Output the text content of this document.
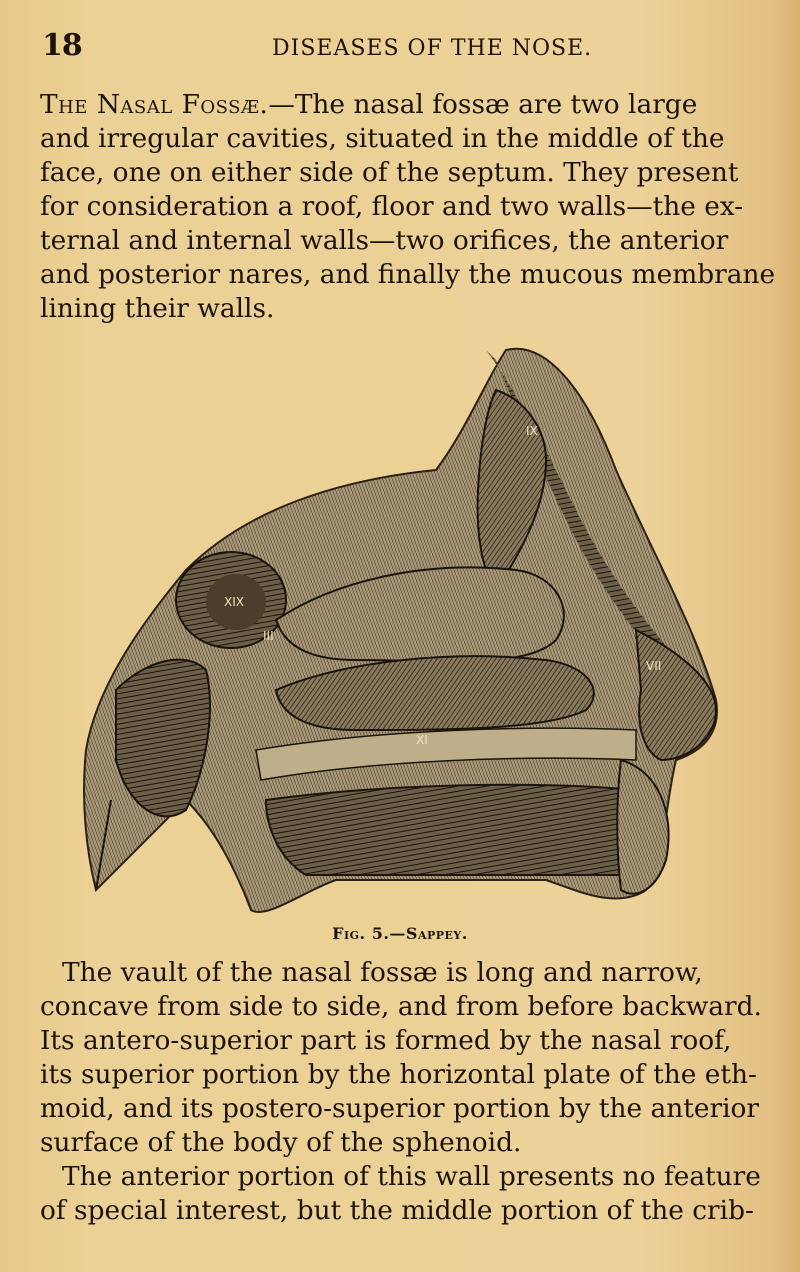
18	DISEASES OF THE NOSE.

The Nasal Fossæ.—The nasal fossæ are two large
and irregular cavities, situated in the middle of the
face, one on either side of the septum. They present
for consideration a roof, floor and two walls—the ex-
ternal and internal walls—two orifices, the anterior
and posterior nares, and finally the mucous membrane
lining their walls.

IX
XIX
III
VII
XI
Fig. 5.—Sappey.

The vault of the nasal fossæ is long and narrow,
concave from side to side, and from before backward.
Its antero-superior part is formed by the nasal roof,
its superior portion by the horizontal plate of the eth-
moid, and its postero-superior portion by the anterior
surface of the body of the sphenoid.

The anterior portion of this wall presents no feature
of special interest, but the middle portion of the crib-
